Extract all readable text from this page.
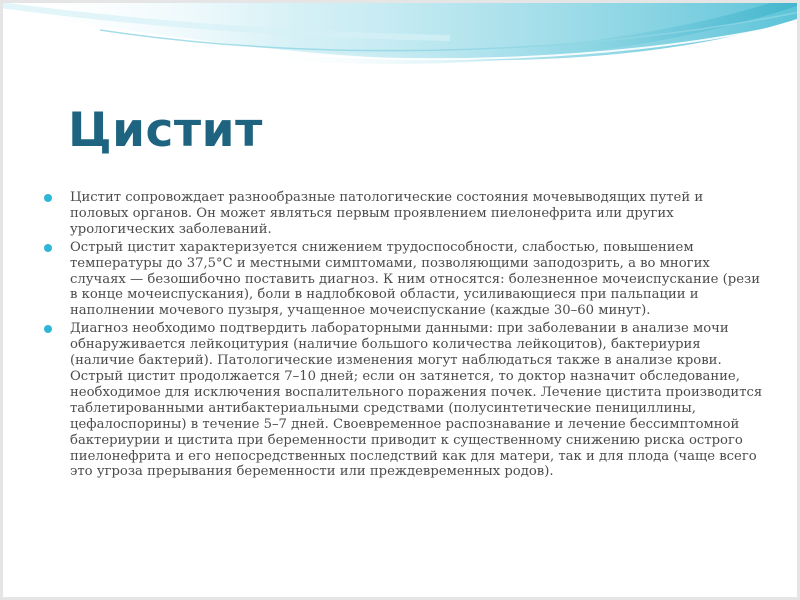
Цистит
Цистит сопровождает разнообразные патологические состояния мочевыводящих путей и половых органов. Он может являться первым проявлением пиелонефрита или других урологических заболеваний.
Острый цистит характеризуется снижением трудоспособности, слабостью, повышением температуры до 37,5°С и местными симптомами, позволяющими заподозрить, а во многих случаях — безошибочно поставить диагноз. К ним относятся: болезненное мочеиспускание (рези в конце мочеиспускания), боли в надлобковой области, усиливающиеся при пальпации и наполнении мочевого пузыря, учащенное мочеиспускание (каждые 30–60 минут).
Диагноз необходимо подтвердить лабораторными данными: при заболевании в анализе мочи обнаруживается лейкоцитурия (наличие большого количества лейкоцитов), бактериурия (наличие бактерий). Патологические изменения могут наблюдаться также в анализе крови. Острый цистит продолжается 7–10 дней; если он затянется, то доктор назначит обследование, необходимое для исключения воспалительного поражения почек. Лечение цистита производится таблетированными антибактериальными средствами (полусинтетические пенициллины, цефалоспорины) в течение 5–7 дней. Своевременное распознавание и лечение бессимптомной бактериурии и цистита при беременности приводит к существенному снижению риска острого пиелонефрита и его непосредственных последствий как для матери, так и для плода (чаще всего это угроза прерывания беременности или преждевременных родов).
